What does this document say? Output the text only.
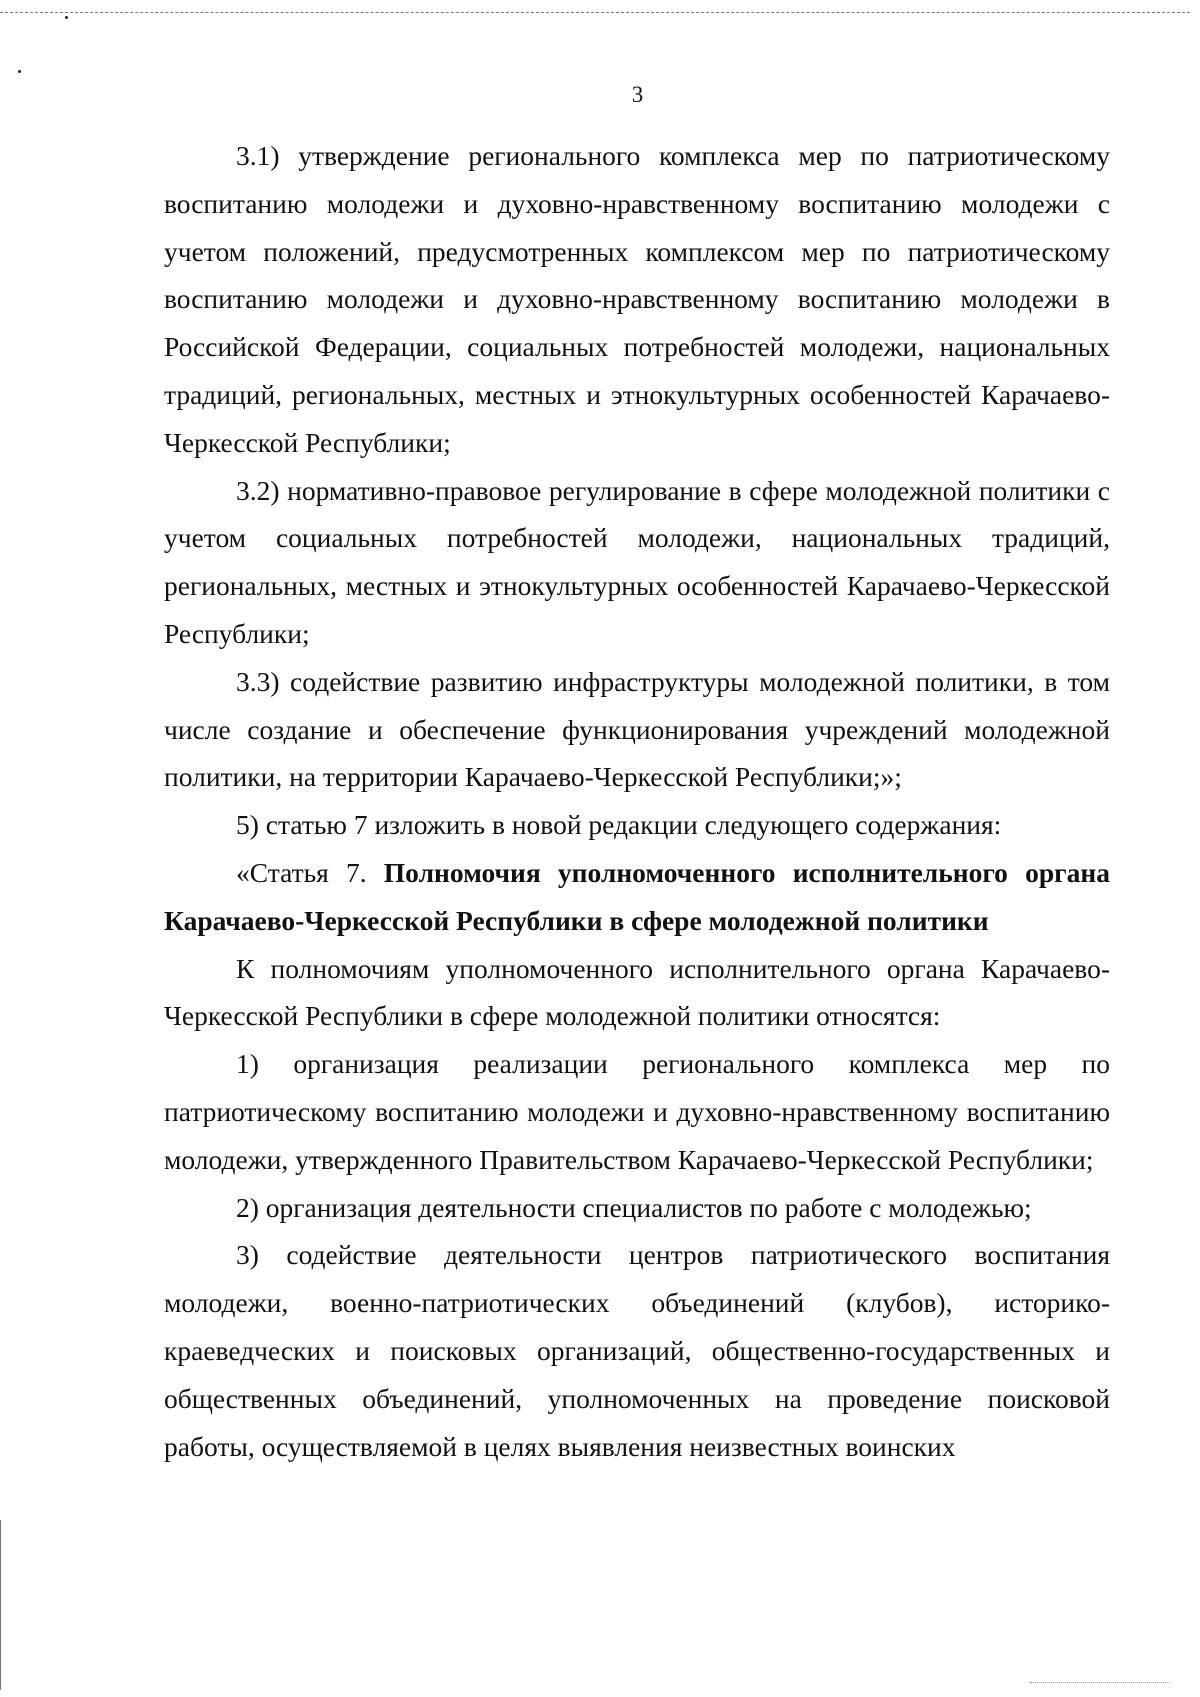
3

3.1) утверждение регионального комплекса мер по патриотическому воспитанию молодежи и духовно-нравственному воспитанию молодежи с учетом положений, предусмотренных комплексом мер по патриотическому воспитанию молодежи и духовно-нравственному воспитанию молодежи в Российской Федерации, социальных потребностей молодежи, национальных традиций, региональных, местных и этнокультурных особенностей Карачаево-Черкесской Республики;

3.2) нормативно-правовое регулирование в сфере молодежной политики с учетом социальных потребностей молодежи, национальных традиций, региональных, местных и этнокультурных особенностей Карачаево-Черкесской Республики;

3.3) содействие развитию инфраструктуры молодежной политики, в том числе создание и обеспечение функционирования учреждений молодежной политики, на территории Карачаево-Черкесской Республики;»;

5) статью 7 изложить в новой редакции следующего содержания:

«Статья 7. Полномочия уполномоченного исполнительного органа Карачаево-Черкесской Республики в сфере молодежной политики

К полномочиям уполномоченного исполнительного органа Карачаево-Черкесской Республики в сфере молодежной политики относятся:

1) организация реализации регионального комплекса мер по патриотическому воспитанию молодежи и духовно-нравственному воспитанию молодежи, утвержденного Правительством Карачаево-Черкесской Республики;

2) организация деятельности специалистов по работе с молодежью;

3) содействие деятельности центров патриотического воспитания молодежи, военно-патриотических объединений (клубов), историко-краеведческих и поисковых организаций, общественно-государственных и общественных объединений, уполномоченных на проведение поисковой работы, осуществляемой в целях выявления неизвестных воинских
